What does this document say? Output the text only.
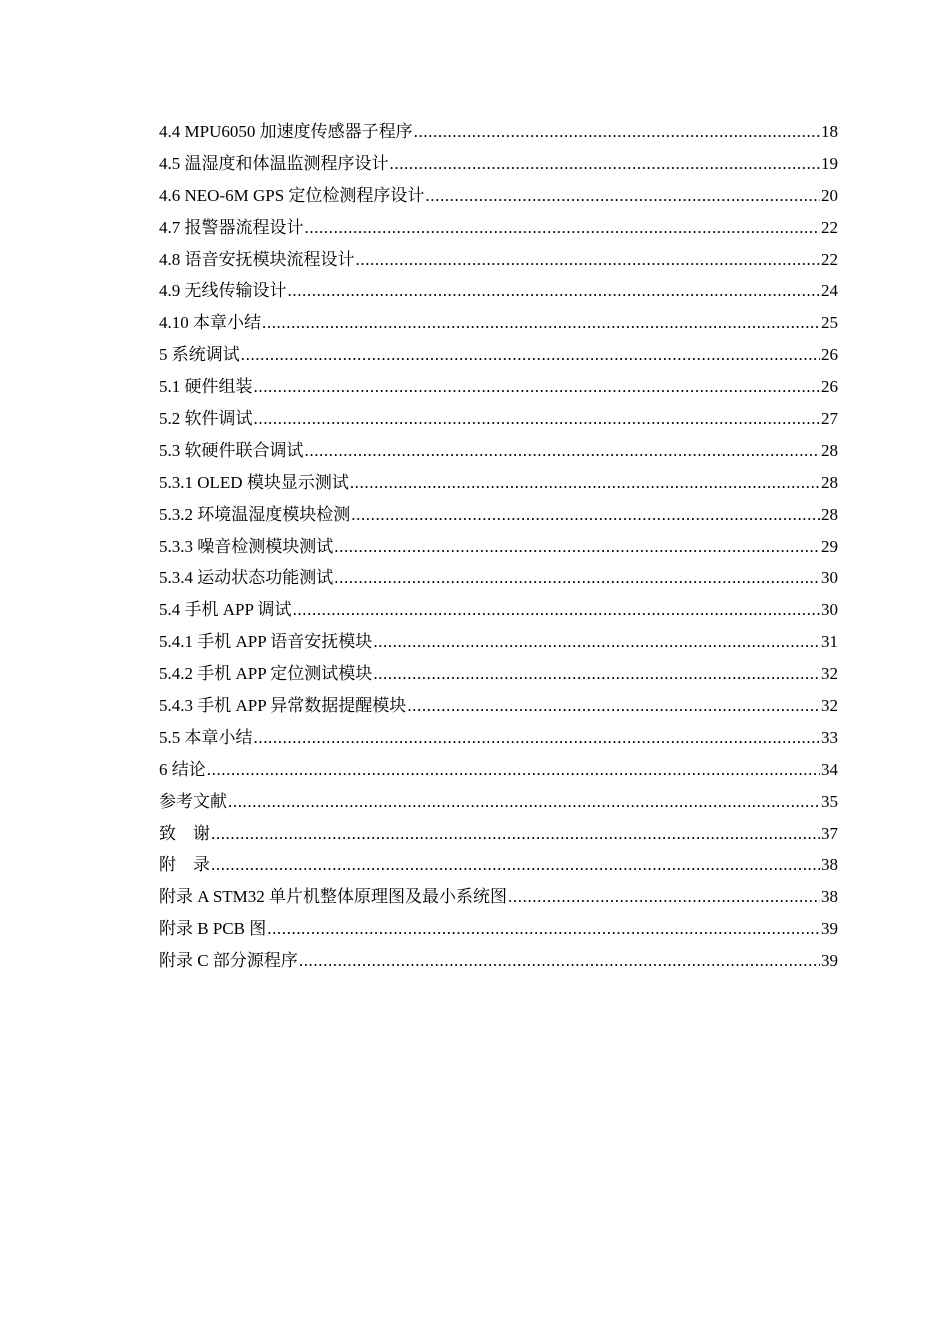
4.4 MPU6050 加速度传感器子程序 .....	18
4.5 温湿度和体温监测程序设计 .....	19
4.6 NEO-6M GPS 定位检测程序设计 .....	20
4.7 报警器流程设计 .....	22
4.8 语音安抚模块流程设计 .....	22
4.9 无线传输设计 .....	24
4.10 本章小结 .....	25
5 系统调试 .....	26
5.1 硬件组装 .....	26
5.2 软件调试 .....	27
5.3 软硬件联合调试 .....	28
5.3.1 OLED 模块显示测试 .....	28
5.3.2 环境温湿度模块检测 .....	28
5.3.3 噪音检测模块测试 .....	29
5.3.4 运动状态功能测试 .....	30
5.4 手机 APP 调试 .....	30
5.4.1 手机 APP 语音安抚模块 .....	31
5.4.2 手机 APP 定位测试模块 .....	32
5.4.3 手机 APP 异常数据提醒模块 .....	32
5.5 本章小结 .....	33
6 结论 .....	34
参考文献 .....	35
致    谢 .....	37
附    录 .....	38
附录 A STM32 单片机整体原理图及最小系统图 .....	38
附录 B PCB 图 .....	39
附录 C 部分源程序 .....	39
